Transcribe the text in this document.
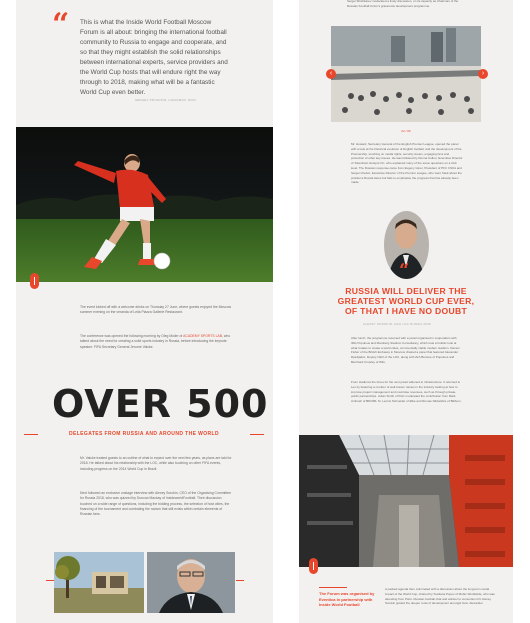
“ This is what the Inside World Football Moscow Forum is all about: bringing the international football community to Russia to engage and cooperate, and so that they might establish the solid relationships between international experts, service providers and the World Cup hosts that will endure right the way through to 2018, making what will be a fantastic World Cup even better.
SERGEY PRYADKIN, CHAIRMAN, RFPL
The event kicked off with a welcome drinks on Thursday 27 June, where guests enjoyed the Moscow summer evening on the veranda of Leila Piazza Gallerie Restaurant.
The conference was opened the following morning by Oleg Moiler of ACADEMY SPORTS LAB, who talked about the need for creating a solid sports industry in Russia, before introducing the keynote speaker: FIFA Secretary General Jerome Valcke.
OVER 500
DELEGATES FROM RUSSIA AND AROUND THE WORLD
Mr. Valcke treated guests to an outline of what to expect over the next few years, as plans are laid for 2018. He talked about his relationship with the LOC, while also touching on other FIFA events, including progress on the 2014 World Cup in Brazil.
Next followed an exclusive onstage interview with Alexey Sorokin, CEO of the Organising Committee for Russia 2018, who was quizzed by Duncan Mackay of InsideworldFootball. Their discussion touched on a wide range of questions, including the bidding process, the selection of host cities, the financing of the tournament and combating the racism that still exists within certain elements of Russian fans.
Sergei Shishkarev moderated a lively discussion, on its capacity as Chairman of the Russian Football Union's grassroots development programme.
‹	›
02 / 06
Mr. Howard, Secretary General of the English Premier League, opened the panel with a look at the historical evolution of English football, and the development of the Premiership, touching on media rights, security issues, engaging fans and protection of other key issues. He was followed by Donna Cullen, Executive Director of Tottenham Hotspur FC, who explained many of the same questions on a club level. The Russian response came from Evgeny Giner, President of PFC CSKA and Sergei Chebot, Executive Director of the Premier League, who went frank about the problems Russia faces but fails to emphasise the progress that has already been made.
“
RUSSIA WILL DELIVER THE GREATEST WORLD CUP EVER, OF THAT I HAVE NO DOUBT
ALEXEY SOROKIN, CEO LOC RUSSIA 2018
After lunch, the programme resumed with a panel organised in cooperation with IMG Populous and Mamberg Stadium Consultancy, which took a holistic look at what it takes to create a world class, commercially viable modern stadium. Damon Fisher of the British Embassy in Moscow chaired a panel that featured Alexander Djordjadze, Deputy CEO of the LOC, along with Zeh Bertone of Populous and Bernhard Crowley of IMG.
From stadiums the focus for the next panel widened to infrastructure. It returned to Lev by featuring a number of well-known names in the industry looking at how to improve project management and maximise revenues, such as through private-public partnerships. Julian Smith of PwC moderated the contribution from Mark Ambush of BDCIBL Sr, Lennis Schneider of Elbe and Romas Dikhelidze of Bikbom.
The Forum was organised by Eventica in partnership with Inside World Football
A packed agenda then culminated with a discussion about the long-term social impact of the World Cup, chaired by Svetlana Popov of Mobic Worldwide, who was attending from Paris. Russian football chat and advisor to consortium FC Alexey Sorokin guided the deeper roots of development amongst fans. Alexander
